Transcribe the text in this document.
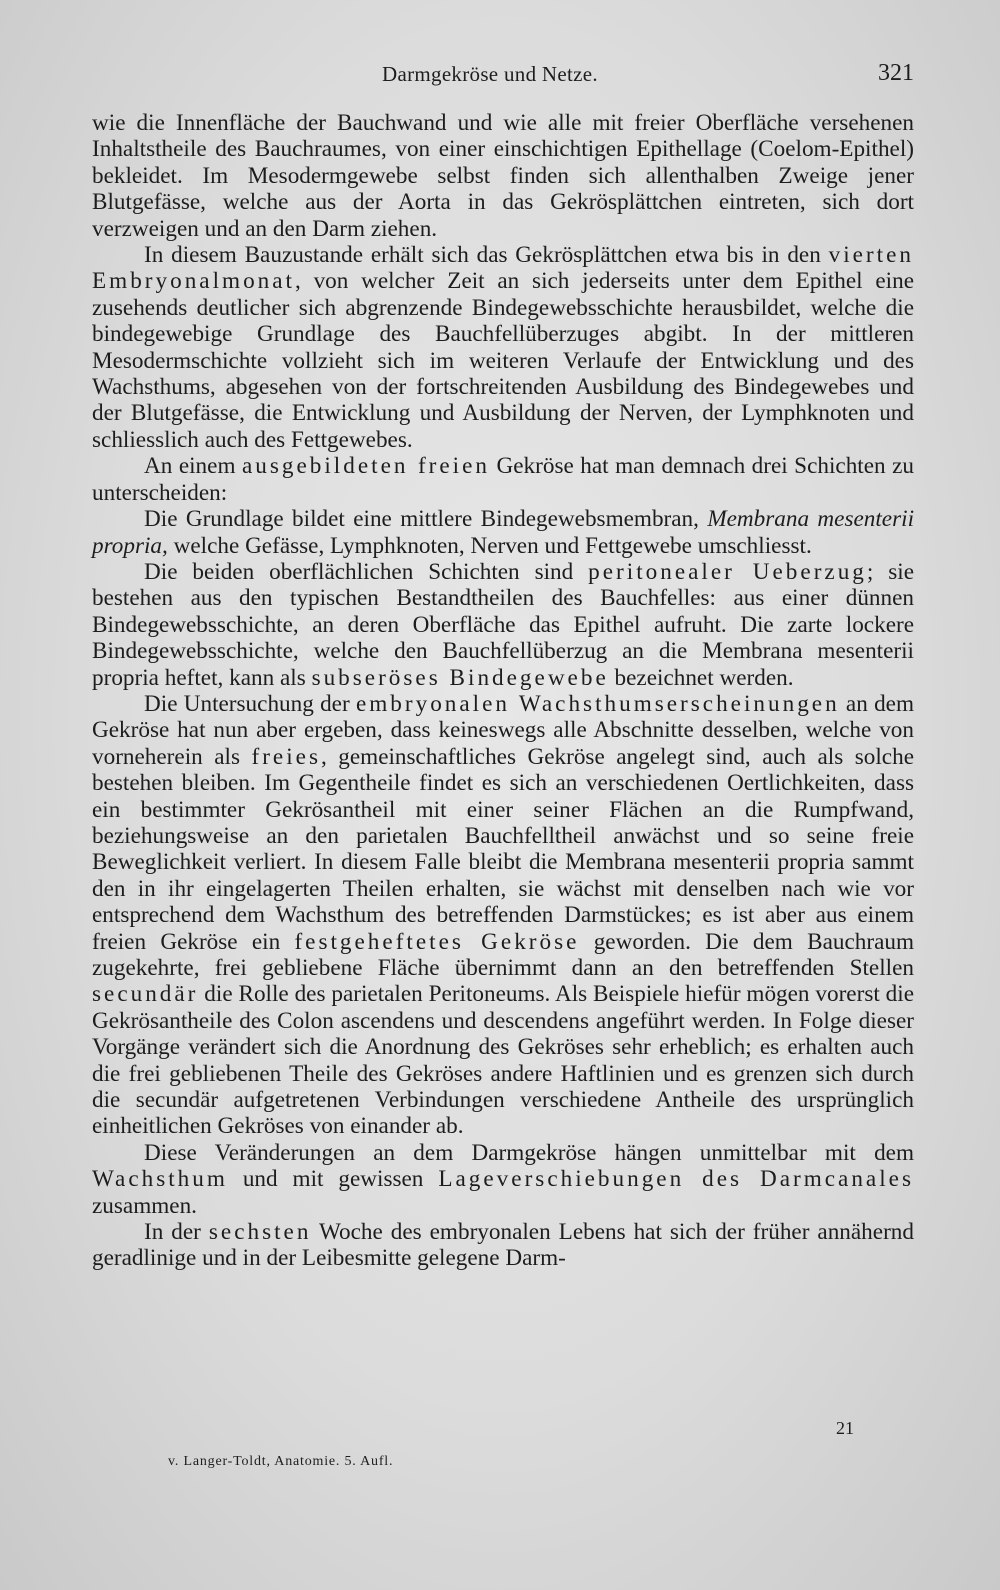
Darmgekröse und Netze.	321

wie die Innenfläche der Bauchwand und wie alle mit freier Oberfläche versehenen Inhaltstheile des Bauchraumes, von einer einschichtigen Epithellage (Coelom-Epithel) bekleidet. Im Mesodermgewebe selbst finden sich allenthalben Zweige jener Blutgefässe, welche aus der Aorta in das Gekrösplättchen eintreten, sich dort verzweigen und an den Darm ziehen.

In diesem Bauzustande erhält sich das Gekrösplättchen etwa bis in den vierten Embryonalmonat, von welcher Zeit an sich jederseits unter dem Epithel eine zusehends deutlicher sich abgrenzende Bindegewebsschichte herausbildet, welche die bindegewebige Grundlage des Bauchfellüberzuges abgibt. In der mittleren Mesodermschichte vollzieht sich im weiteren Verlaufe der Entwicklung und des Wachsthums, abgesehen von der fortschreitenden Ausbildung des Bindegewebes und der Blutgefässe, die Entwicklung und Ausbildung der Nerven, der Lymphknoten und schliesslich auch des Fettgewebes.

An einem ausgebildeten freien Gekröse hat man demnach drei Schichten zu unterscheiden:

Die Grundlage bildet eine mittlere Bindegewebsmembran, Membrana mesenterii propria, welche Gefässe, Lymphknoten, Nerven und Fettgewebe umschliesst.

Die beiden oberflächlichen Schichten sind peritonealer Ueberzug; sie bestehen aus den typischen Bestandtheilen des Bauchfelles: aus einer dünnen Bindegewebsschichte, an deren Oberfläche das Epithel aufruht. Die zarte lockere Bindegewebsschichte, welche den Bauchfellüberzug an die Membrana mesenterii propria heftet, kann als subseröses Bindegewebe bezeichnet werden.

Die Untersuchung der embryonalen Wachsthumserscheinungen an dem Gekröse hat nun aber ergeben, dass keineswegs alle Abschnitte desselben, welche von vorneherein als freies, gemeinschaftliches Gekröse angelegt sind, auch als solche bestehen bleiben. Im Gegentheile findet es sich an verschiedenen Oertlichkeiten, dass ein bestimmter Gekrösantheil mit einer seiner Flächen an die Rumpfwand, beziehungsweise an den parietalen Bauchfelltheil anwächst und so seine freie Beweglichkeit verliert. In diesem Falle bleibt die Membrana mesenterii propria sammt den in ihr eingelagerten Theilen erhalten, sie wächst mit denselben nach wie vor entsprechend dem Wachsthum des betreffenden Darmstückes; es ist aber aus einem freien Gekröse ein festgeheftetes Gekröse geworden. Die dem Bauchraum zugekehrte, frei gebliebene Fläche übernimmt dann an den betreffenden Stellen secundär die Rolle des parietalen Peritoneums. Als Beispiele hiefür mögen vorerst die Gekrösantheile des Colon ascendens und descendens angeführt werden. In Folge dieser Vorgänge verändert sich die Anordnung des Gekröses sehr erheblich; es erhalten auch die frei gebliebenen Theile des Gekröses andere Haftlinien und es grenzen sich durch die secundär aufgetretenen Verbindungen verschiedene Antheile des ursprünglich einheitlichen Gekröses von einander ab.

Diese Veränderungen an dem Darmgekröse hängen unmittelbar mit dem Wachsthum und mit gewissen Lageverschiebungen des Darmcanales zusammen.

In der sechsten Woche des embryonalen Lebens hat sich der früher annähernd geradlinige und in der Leibesmitte gelegene Darm-

21
v. Langer-Toldt, Anatomie. 5. Aufl.
